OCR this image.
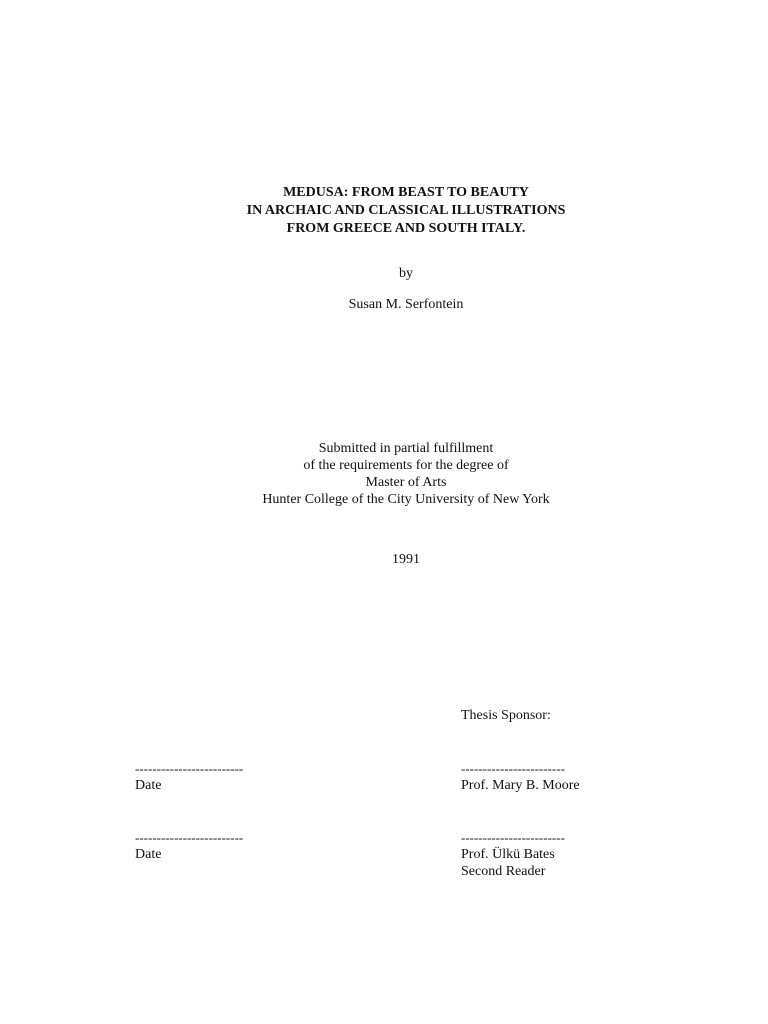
MEDUSA: FROM BEAST TO BEAUTY
IN ARCHAIC AND CLASSICAL ILLUSTRATIONS
FROM GREECE AND SOUTH ITALY.
by
Susan M. Serfontein
Submitted in partial fulfillment
of the requirements for the degree of
Master of Arts
Hunter College of the City University of New York
1991
Thesis Sponsor:
-------------------------
Date
------------------------
Prof. Mary B. Moore
-------------------------
Date
------------------------
Prof. Ülkü Bates
Second Reader
